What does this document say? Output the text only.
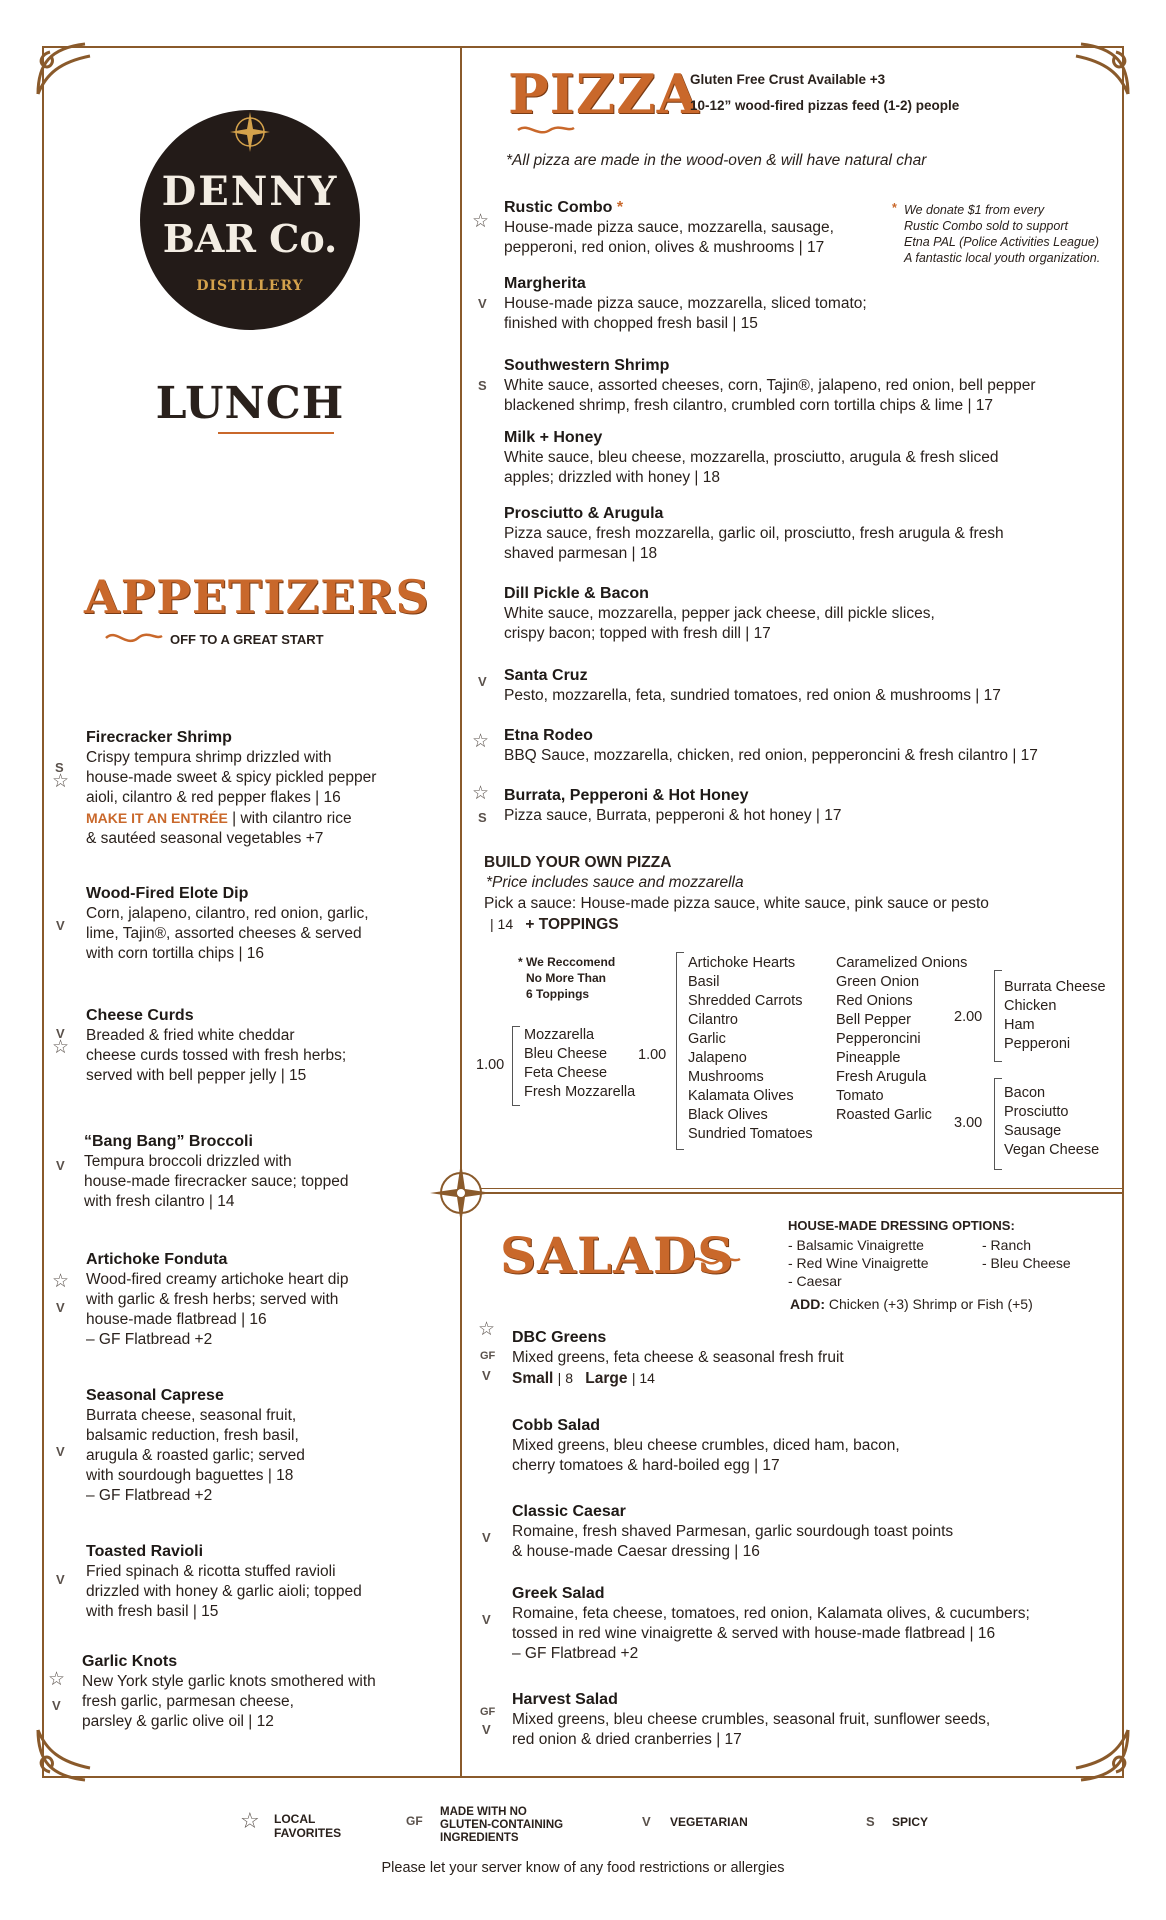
DENNY
BAR Co.
DISTILLERY
LUNCH
APPETIZERS
OFF TO A GREAT START
S
☆
Firecracker Shrimp
Crispy tempura shrimp drizzled with
house-made sweet & spicy pickled pepper
aioli, cilantro & red pepper flakes | 16
MAKE IT AN ENTRÉE | with cilantro rice
& sautéed seasonal vegetables +7
V
Wood-Fired Elote Dip
Corn, jalapeno, cilantro, red onion, garlic,
lime, Tajin®, assorted cheeses & served
with corn tortilla chips | 16
V
☆
Cheese Curds
Breaded & fried white cheddar
cheese curds tossed with fresh herbs;
served with bell pepper jelly | 15
V
“Bang Bang” Broccoli
Tempura broccoli drizzled with
house-made firecracker sauce; topped
with fresh cilantro | 14
☆
V
Artichoke Fonduta
Wood-fired creamy artichoke heart dip
with garlic & fresh herbs; served with
house-made flatbread | 16
– GF Flatbread +2
V
Seasonal Caprese
Burrata cheese, seasonal fruit,
balsamic reduction, fresh basil,
arugula & roasted garlic; served
with sourdough baguettes | 18
– GF Flatbread +2
V
Toasted Ravioli
Fried spinach & ricotta stuffed ravioli
drizzled with honey & garlic aioli; topped
with fresh basil | 15
☆
V
Garlic Knots
New York style garlic knots smothered with
fresh garlic, parmesan cheese,
parsley & garlic olive oil | 12
PIZZA
Gluten Free Crust Available +3
10-12” wood-fired pizzas feed (1-2) people
*All pizza are made in the wood-oven & will have natural char
* We donate $1 from every
Rustic Combo sold to support
Etna PAL (Police Activities League)
A fantastic local youth organization.
☆
Rustic Combo *
House-made pizza sauce, mozzarella, sausage,
pepperoni, red onion, olives & mushrooms | 17
V
Margherita
House-made pizza sauce, mozzarella, sliced tomato;
finished with chopped fresh basil | 15
S
Southwestern Shrimp
White sauce, assorted cheeses, corn, Tajin®, jalapeno, red onion, bell pepper
blackened shrimp, fresh cilantro, crumbled corn tortilla chips & lime | 17
Milk + Honey
White sauce, bleu cheese, mozzarella, prosciutto, arugula & fresh sliced
apples; drizzled with honey | 18
Prosciutto & Arugula
Pizza sauce, fresh mozzarella, garlic oil, prosciutto, fresh arugula & fresh
shaved parmesan | 18
Dill Pickle & Bacon
White sauce, mozzarella, pepper jack cheese, dill pickle slices,
crispy bacon; topped with fresh dill | 17
V Santa Cruz
Pesto, mozzarella, feta, sundried tomatoes, red onion & mushrooms | 17
☆ Etna Rodeo
BBQ Sauce, mozzarella, chicken, red onion, pepperoncini & fresh cilantro | 17
☆
S
Burrata, Pepperoni & Hot Honey
Pizza sauce, Burrata, pepperoni & hot honey | 17
BUILD YOUR OWN PIZZA
*Price includes sauce and mozzarella
Pick a sauce: House-made pizza sauce, white sauce, pink sauce or pesto
| 14 + TOPPINGS
* We Reccomend
No More Than
6 Toppings
1.00
Mozzarella
Bleu Cheese
Feta Cheese
Fresh Mozzarella
1.00
Artichoke Hearts
Basil
Shredded Carrots
Cilantro
Garlic
Jalapeno
Mushrooms
Kalamata Olives
Black Olives
Sundried Tomatoes
Caramelized Onions
Green Onion
Red Onions
Bell Pepper
Pepperoncini
Pineapple
Fresh Arugula
Tomato
Roasted Garlic
2.00
Burrata Cheese
Chicken
Ham
Pepperoni
3.00
Bacon
Prosciutto
Sausage
Vegan Cheese
SALADS
HOUSE-MADE DRESSING OPTIONS:
- Balsamic Vinaigrette
- Red Wine Vinaigrette
- Caesar
- Ranch
- Bleu Cheese
ADD: Chicken (+3) Shrimp or Fish (+5)
☆
GF
V
DBC Greens
Mixed greens, feta cheese & seasonal fresh fruit
Small | 8 Large | 14
Cobb Salad
Mixed greens, bleu cheese crumbles, diced ham, bacon,
cherry tomatoes & hard-boiled egg | 17
V
Classic Caesar
Romaine, fresh shaved Parmesan, garlic sourdough toast points
& house-made Caesar dressing | 16
V
Greek Salad
Romaine, feta cheese, tomatoes, red onion, Kalamata olives, & cucumbers;
tossed in red wine vinaigrette & served with house-made flatbread | 16
– GF Flatbread +2
GF
V
Harvest Salad
Mixed greens, bleu cheese crumbles, seasonal fruit, sunflower seeds,
red onion & dried cranberries | 17
☆ LOCAL
FAVORITES
GF
MADE WITH NO
GLUTEN-CONTAINING
INGREDIENTS
V VEGETARIAN	S SPICY
Please let your server know of any food restrictions or allergies
